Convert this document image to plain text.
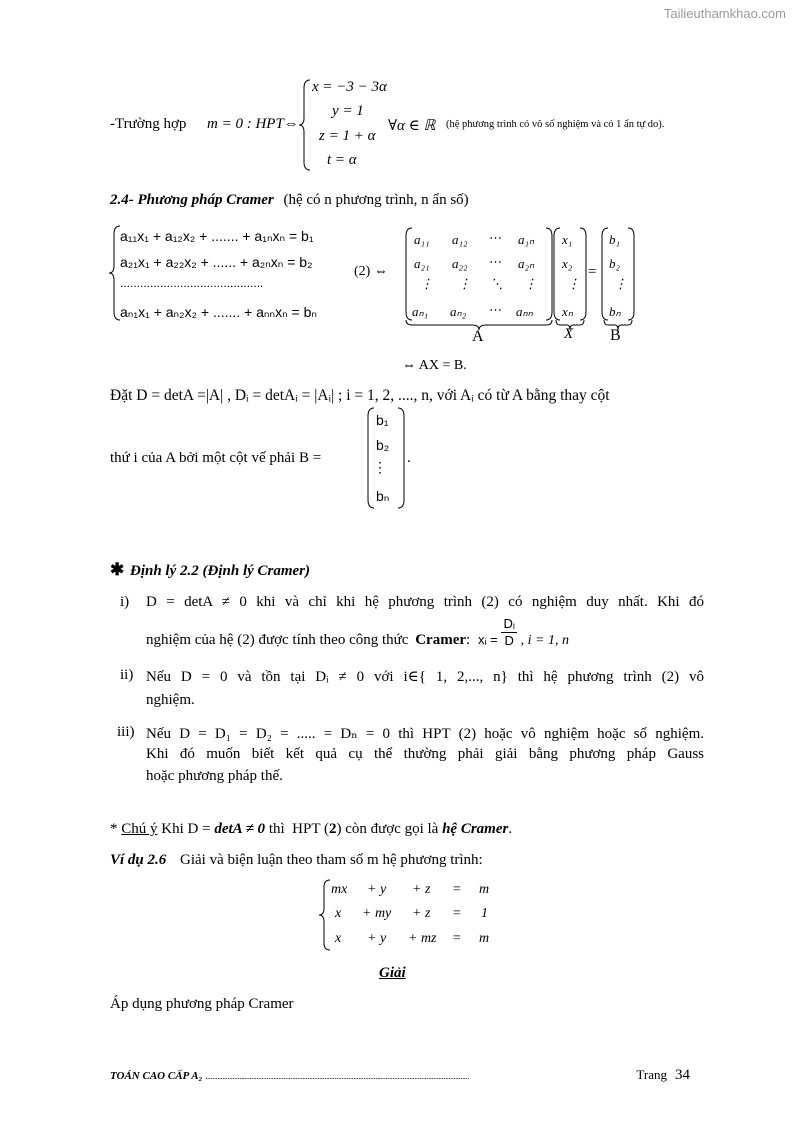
Tailieuthamkhao.com
-Trường hợp m = 0 : HPT⇔
x = −3 − 3α
y = 1
z = 1 + α
t = α
∀α ∈ ℝ (hệ phương trình có vô số nghiệm và có 1 ẩn tự do).
2.4- Phương pháp Cramer (hệ có n phương trình, n ẩn số)
a₁₁x₁ + a₁₂x₂ + ....... + a₁ₙxₙ = b₁
a₂₁x₁ + a₂₂x₂ + ...... + a₂ₙxₙ = b₂
...........................................
aₙ₁x₁ + aₙ₂x₂ + ....... + aₙₙxₙ = bₙ
(2) ⇔
a₁₁ a₁₂ ⋯ a₁ₙ
a₂₁ a₂₂ ⋯ a₂ₙ
⋮ ⋮ ⋱ ⋮
aₙ₁ aₙ₂ ⋯ aₙₙ
A
x₁
x₂
⋮
xₙ
X
=
b₁
b₂
⋮
bₙ
B
⇔ AX = B.
Đặt D = detA =|A| , Dᵢ = detAᵢ = |Aᵢ| ; i = 1, 2, ...., n, với Aᵢ có từ A bằng thay cột
thứ i của A bởi một cột vế phải B =
b₁
b₂
⋮
bₙ
.
✱ Định lý 2.2 (Định lý Cramer)
i) D = detA ≠ 0 khi và chỉ khi hệ phương trình (2) có nghiệm duy nhất. Khi đó
nghiệm của hệ (2) được tính theo công thức Cramer: xᵢ = $\frac{\text{Dᵢ}}{D}$ , i = 1, n
ii) Nếu D = 0 và tồn tại Dᵢ ≠ 0 với i∈{ 1, 2,..., n} thì hệ phương trình (2) vô
nghiệm.
iii) Nếu D = D₁ = D₂ = ..... = Dₙ = 0 thì HPT (2) hoặc vô nghiệm hoặc số nghiệm.
Khi đó muốn biết kết quả cụ thể thường phải giải bằng phương pháp Gauss
hoặc phương pháp thế.
* Chú ý Khi D = detA ≠ 0 thì  HPT (2) còn được gọi là hệ Cramer.
Ví dụ 2.6 Giải và biện luận theo tham số m hệ phương trình:
mx + y + z = m
x + my + z = 1
x + y + mz = m
Giải
Áp dụng phương pháp Cramer
TOÁN CAO CẤP A₂ ...........................................................................................................................................................	Trang 34
